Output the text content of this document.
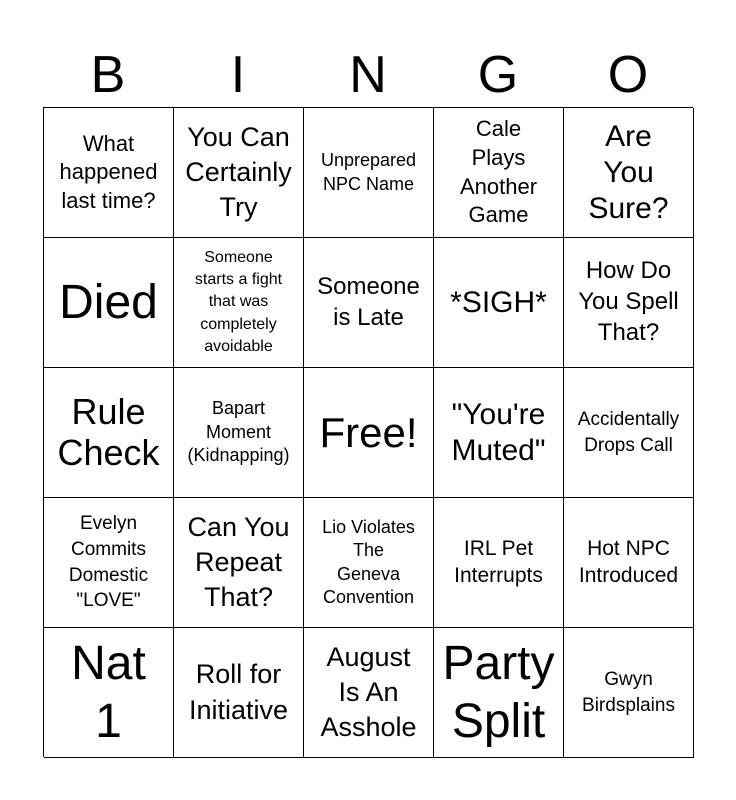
B	I	N	G	O
What
happened
last time?
You Can
Certainly
Try
Unprepared
NPC Name
Cale
Plays
Another
Game
Are
You
Sure?
Died
Someone
starts a fight
that was
completely
avoidable
Someone
is Late	*SIGH*
How Do
You Spell
That?
Rule
Check
Bapart
Moment
(Kidnapping) Free!	"You're
Muted"
Accidentally
Drops Call
Evelyn
Commits
Domestic
"LOVE"
Can You
Repeat
That?
Lio Violates
The
Geneva
Convention
IRL Pet
Interrupts
Hot NPC
Introduced
Nat
1
Roll for
Initiative
August
Is An
Asshole
Party
Split
Gwyn
Birdsplains
